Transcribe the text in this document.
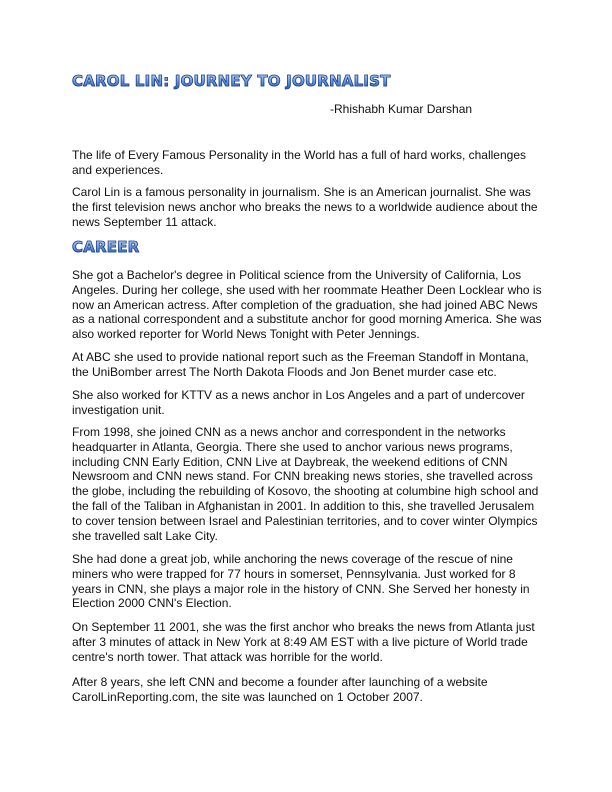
CAROL LIN: JOURNEY TO JOURNALIST
-Rhishabh Kumar Darshan

The life of Every Famous Personality in the World has a full of hard works, challenges and experiences.

Carol Lin is a famous personality in journalism. She is an American journalist. She was the first television news anchor who breaks the news to a worldwide audience about the news September 11 attack.

CAREER

She got a Bachelor's degree in Political science from the University of California, Los Angeles. During her college, she used with her roommate Heather Deen Locklear who is now an American actress. After completion of the graduation, she had joined ABC News as a national correspondent and a substitute anchor for good morning America. She was also worked reporter for World News Tonight with Peter Jennings.

At ABC she used to provide national report such as the Freeman Standoff in Montana, the UniBomber arrest The North Dakota Floods and Jon Benet murder case etc.

She also worked for KTTV as a news anchor in Los Angeles and a part of undercover investigation unit.

From 1998, she joined CNN as a news anchor and correspondent in the networks headquarter in Atlanta, Georgia. There she used to anchor various news programs, including CNN Early Edition, CNN Live at Daybreak, the weekend editions of CNN Newsroom and CNN news stand. For CNN breaking news stories, she travelled across the globe, including the rebuilding of Kosovo, the shooting at columbine high school and the fall of the Taliban in Afghanistan in 2001. In addition to this, she travelled Jerusalem to cover tension between Israel and Palestinian territories, and to cover winter Olympics she travelled salt Lake City.

She had done a great job, while anchoring the news coverage of the rescue of nine miners who were trapped for 77 hours in somerset, Pennsylvania. Just worked for 8 years in CNN, she plays a major role in the history of CNN. She Served her honesty in Election 2000 CNN's Election.

On September 11 2001, she was the first anchor who breaks the news from Atlanta just after 3 minutes of attack in New York at 8:49 AM EST with a live picture of World trade centre's north tower. That attack was horrible for the world.

After 8 years, she left CNN and become a founder after launching of a website CarolLinReporting.com, the site was launched on 1 October 2007.
